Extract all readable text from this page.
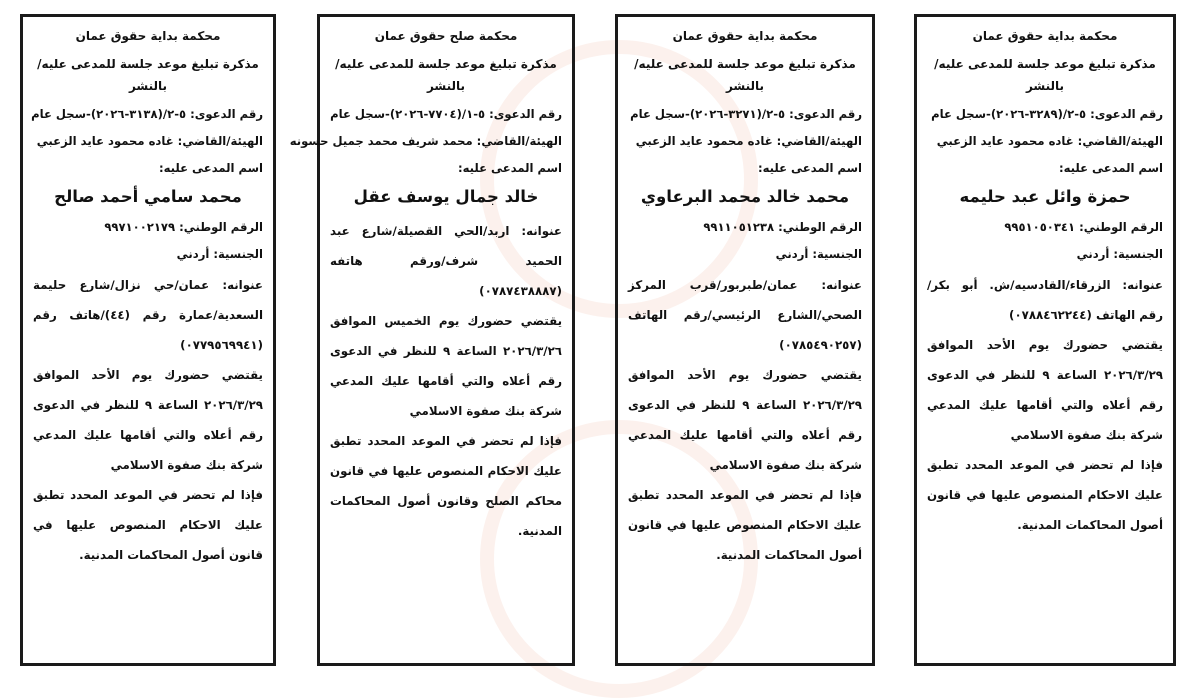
محكمة بداية حقوق عمان
مذكرة تبليغ موعد جلسة للمدعى عليه/بالنشر
رقم الدعوى: ٥-٢/(٣١٣٨-٢٠٢٦)-سجل عام
الهيئة/القاضي: غاده محمود عايد الزعبي
اسم المدعى عليه:
محمد سامي أحمد صالح
الرقم الوطني: ٩٩٧١٠٠٢١٧٩
الجنسية: أردني

عنوانه: عمان/حي نزال/شارع حليمة السعدية/عمارة رقم (٤٤)/هاتف رقم (٠٧٧٩٥٦٩٩٤١)

يقتضي حضورك يوم الأحد الموافق ٢٠٢٦/٣/٢٩ الساعة ٩ للنظر في الدعوى رقم أعلاه والتي أقامها عليك المدعي شركة بنك صفوة الاسلامي

فإذا لم تحضر في الموعد المحدد تطبق عليك الاحكام المنصوص عليها في قانون أصول المحاكمات المدنية.

محكمة صلح حقوق عمان
مذكرة تبليغ موعد جلسة للمدعى عليه/بالنشر
رقم الدعوى: ٥-١/(٧٧٠٤-٢٠٢٦)-سجل عام
الهيئة/القاضي: محمد شريف محمد جميل حسونه
اسم المدعى عليه:
خالد جمال يوسف عقل

عنوانه: اربد/الحي القصيلة/شارع عبد الحميد شرف/ورقم هاتفه (٠٧٨٧٤٣٨٨٨٧)

يقتضي حضورك يوم الخميس الموافق ٢٠٢٦/٣/٢٦ الساعة ٩ للنظر في الدعوى رقم أعلاه والتي أقامها عليك المدعي شركة بنك صفوة الاسلامي

فإذا لم تحضر في الموعد المحدد تطبق عليك الاحكام المنصوص عليها في قانون محاكم الصلح وقانون أصول المحاكمات المدنية.

محكمة بداية حقوق عمان
مذكرة تبليغ موعد جلسة للمدعى عليه/بالنشر
رقم الدعوى: ٥-٢/(٣٢٧١-٢٠٢٦)-سجل عام
الهيئة/القاضي: غاده محمود عايد الزعبي
اسم المدعى عليه:
محمد خالد محمد البرعاوي
الرقم الوطني: ٩٩١١٠٥١٢٣٨
الجنسية: أردني

عنوانه: عمان/طبربور/قرب المركز الصحي/الشارع الرئيسي/رقم الهاتف (٠٧٨٥٤٩٠٢٥٧)

يقتضي حضورك يوم الأحد الموافق ٢٠٢٦/٣/٢٩ الساعة ٩ للنظر في الدعوى رقم أعلاه والتي أقامها عليك المدعي شركة بنك صفوة الاسلامي

فإذا لم تحضر في الموعد المحدد تطبق عليك الاحكام المنصوص عليها في قانون أصول المحاكمات المدنية.

محكمة بداية حقوق عمان
مذكرة تبليغ موعد جلسة للمدعى عليه/بالنشر
رقم الدعوى: ٥-٢/(٣٢٨٩-٢٠٢٦)-سجل عام
الهيئة/القاضي: غاده محمود عايد الزعبي
اسم المدعى عليه:
حمزة وائل عبد حليمه
الرقم الوطني: ٩٩٥١٠٥٠٣٤١
الجنسية: أردني

عنوانه: الزرقاء/القادسيه/ش. أبو بكر/رقم الهاتف (٠٧٨٨٤٦٢٢٤٤)

يقتضي حضورك يوم الأحد الموافق ٢٠٢٦/٣/٢٩ الساعة ٩ للنظر في الدعوى رقم أعلاه والتي أقامها عليك المدعي شركة بنك صفوة الاسلامي

فإذا لم تحضر في الموعد المحدد تطبق عليك الاحكام المنصوص عليها في قانون أصول المحاكمات المدنية.
